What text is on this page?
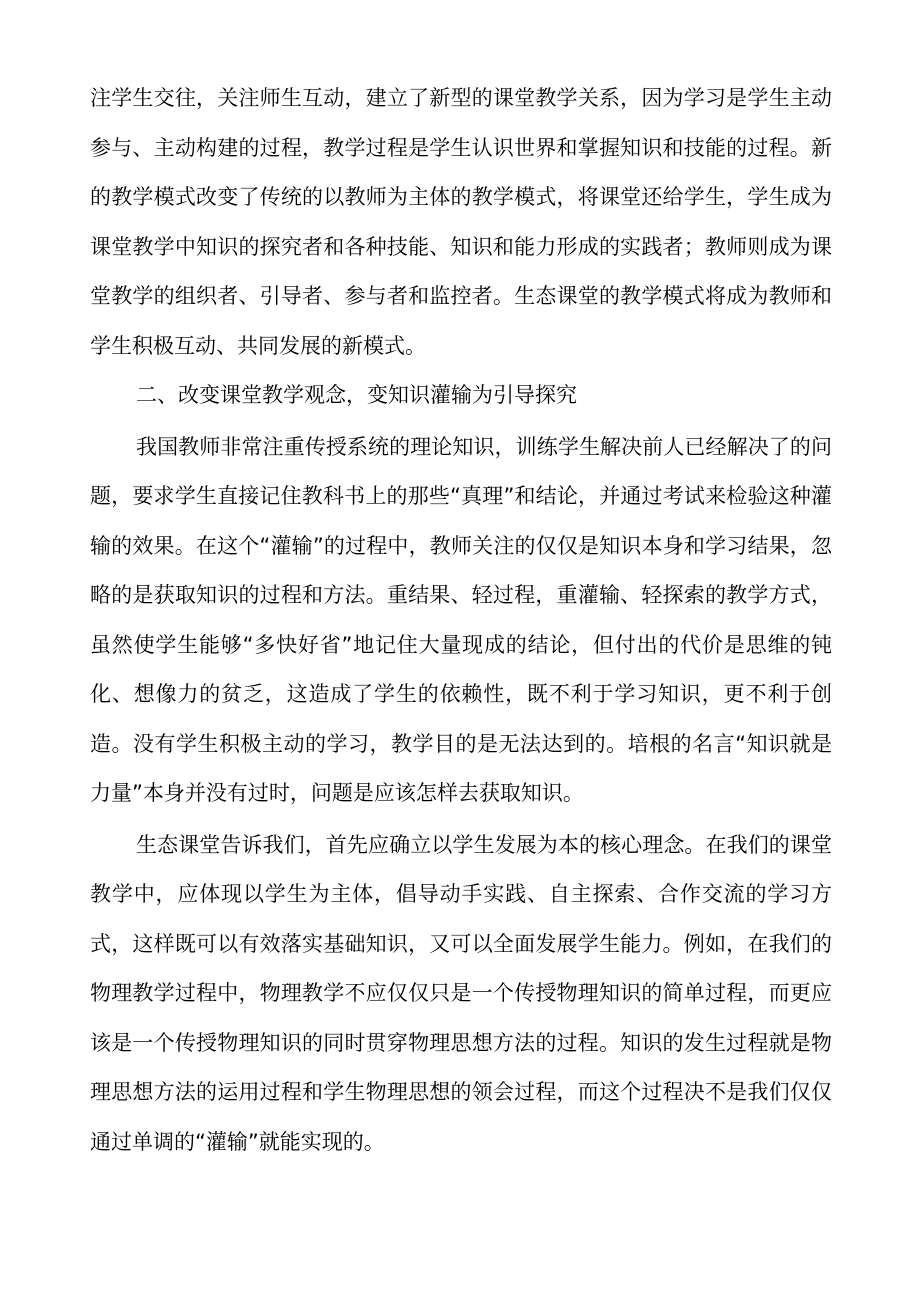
注学生交往，关注师生互动，建立了新型的课堂教学关系，因为学习是学生主动参与、主动构建的过程，教学过程是学生认识世界和掌握知识和技能的过程。新的教学模式改变了传统的以教师为主体的教学模式，将课堂还给学生，学生成为课堂教学中知识的探究者和各种技能、知识和能力形成的实践者；教师则成为课堂教学的组织者、引导者、参与者和监控者。生态课堂的教学模式将成为教师和学生积极互动、共同发展的新模式。

二、改变课堂教学观念，变知识灌输为引导探究

我国教师非常注重传授系统的理论知识，训练学生解决前人已经解决了的问题，要求学生直接记住教科书上的那些“真理”和结论，并通过考试来检验这种灌输的效果。在这个“灌输”的过程中，教师关注的仅仅是知识本身和学习结果，忽略的是获取知识的过程和方法。重结果、轻过程，重灌输、轻探索的教学方式，虽然使学生能够“多快好省”地记住大量现成的结论，但付出的代价是思维的钝化、想像力的贫乏，这造成了学生的依赖性，既不利于学习知识，更不利于创造。没有学生积极主动的学习，教学目的是无法达到的。培根的名言“知识就是力量”本身并没有过时，问题是应该怎样去获取知识。

生态课堂告诉我们，首先应确立以学生发展为本的核心理念。在我们的课堂教学中，应体现以学生为主体，倡导动手实践、自主探索、合作交流的学习方式，这样既可以有效落实基础知识，又可以全面发展学生能力。例如，在我们的物理教学过程中，物理教学不应仅仅只是一个传授物理知识的简单过程，而更应该是一个传授物理知识的同时贯穿物理思想方法的过程。知识的发生过程就是物理思想方法的运用过程和学生物理思想的领会过程，而这个过程决不是我们仅仅通过单调的“灌输”就能实现的。
